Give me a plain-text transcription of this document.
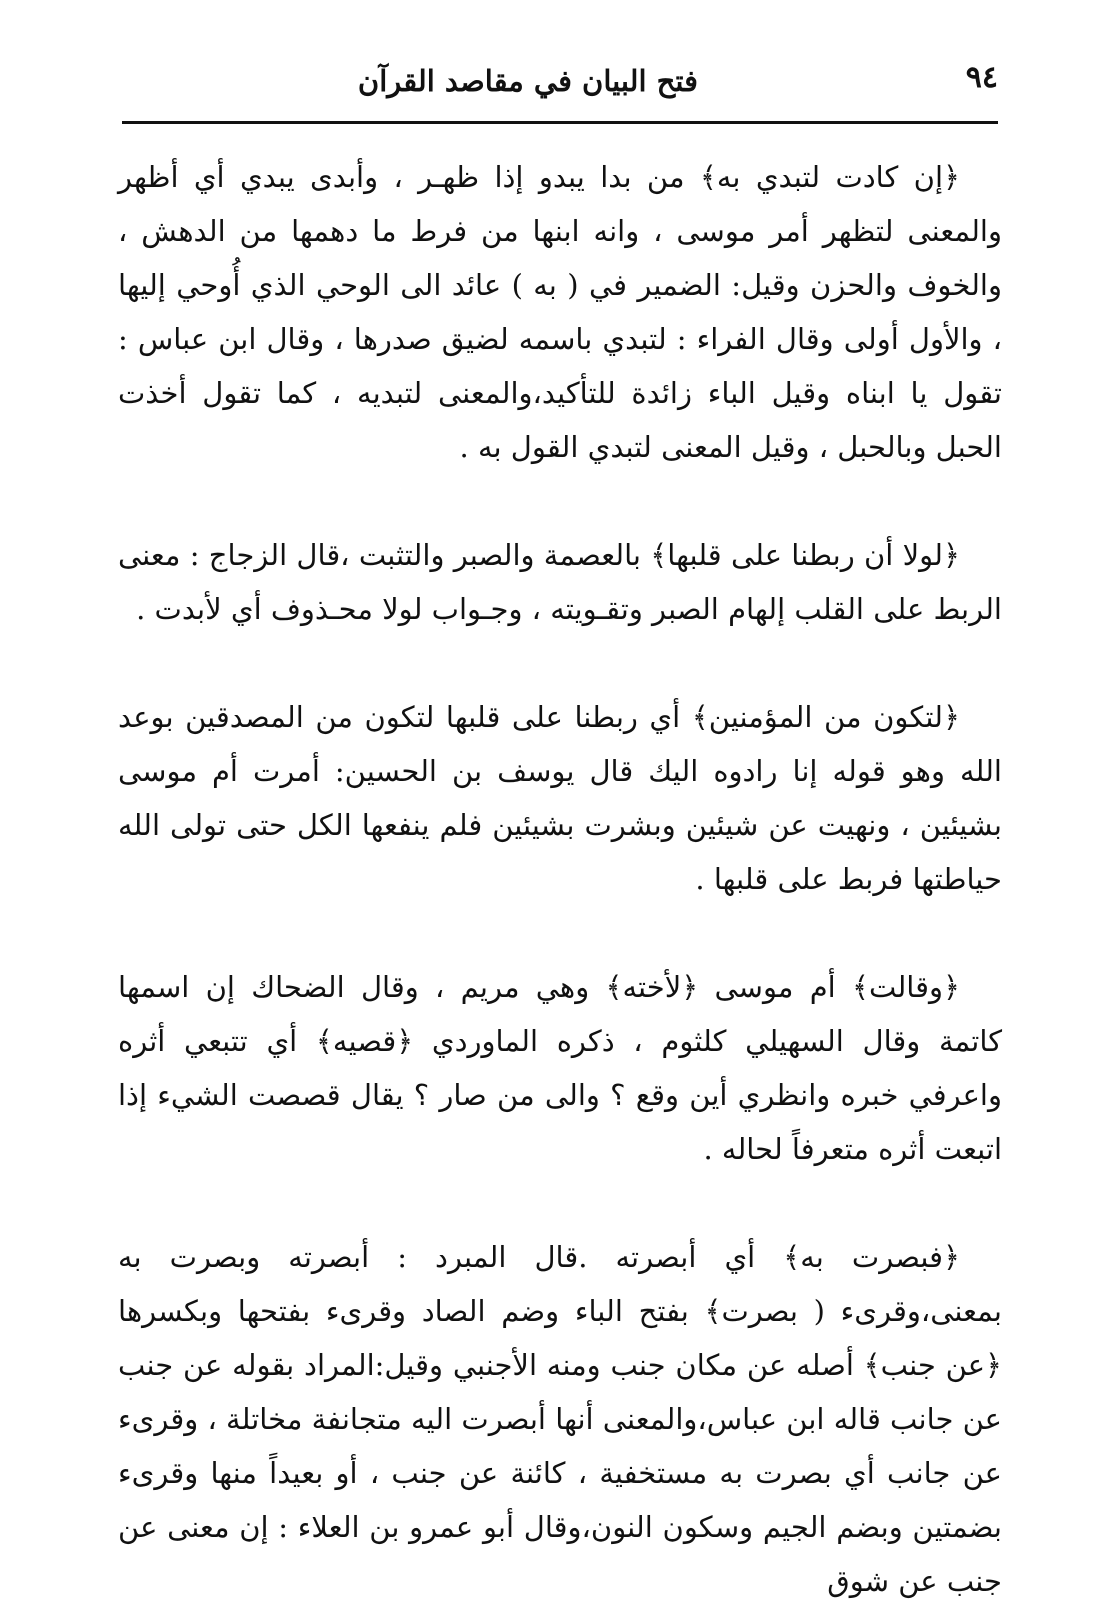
٩٤
فتح البيان في مقاصد القرآن

﴿إن كادت لتبدي به﴾ من بدا يبدو إذا ظهـر ، وأبدى يبدي أي أظهر والمعنى لتظهر أمر موسى ، وانه ابنها من فرط ما دهمها من الدهش ، والخوف والحزن وقيل: الضمير في ( به ) عائد الى الوحي الذي أُوحي إليها ، والأول أولى وقال الفراء : لتبدي باسمه لضيق صدرها ، وقال ابن عباس : تقول يا ابناه وقيل الباء زائدة للتأكيد،والمعنى لتبديه ، كما تقول أخذت الحبل وبالحبل ، وقيل المعنى لتبدي القول به .

﴿لولا أن ربطنا على قلبها﴾ بالعصمة والصبر والتثبت ،قال الزجاج : معنى الربط على القلب إلهام الصبر وتقـويته ، وجـواب لولا محـذوف أي لأبدت .

﴿لتكون من المؤمنين﴾ أي ربطنا على قلبها لتكون من المصدقين بوعد الله وهو قوله إنا رادوه اليك قال يوسف بن الحسين: أمرت أم موسى بشيئين ، ونهيت عن شيئين وبشرت بشيئين فلم ينفعها الكل حتى تولى الله حياطتها فربط على قلبها .

﴿وقالت﴾ أم موسى ﴿لأخته﴾ وهي مريم ، وقال الضحاك إن اسمها كاتمة وقال السهيلي كلثوم ، ذكره الماوردي ﴿قصيه﴾ أي تتبعي أثره واعرفي خبره وانظري أين وقع ؟ والى من صار ؟ يقال قصصت الشيء إذا اتبعت أثره متعرفاً لحاله .

﴿فبصرت به﴾ أي أبصرته .قال المبرد : أبصرته وبصرت به بمعنى،وقرىء ( بصرت﴾ بفتح الباء وضم الصاد وقرىء بفتحها وبكسرها ﴿عن جنب﴾ أصله عن مكان جنب ومنه الأجنبي وقيل:المراد بقوله عن جنب عن جانب قاله ابن عباس،والمعنى أنها أبصرت اليه متجانفة مخاتلة ، وقرىء عن جانب أي بصرت به مستخفية ، كائنة عن جنب ، أو بعيداً منها وقرىء بضمتين وبضم الجيم وسكون النون،وقال أبو عمرو بن العلاء : إن معنى عن جنب عن شوق
